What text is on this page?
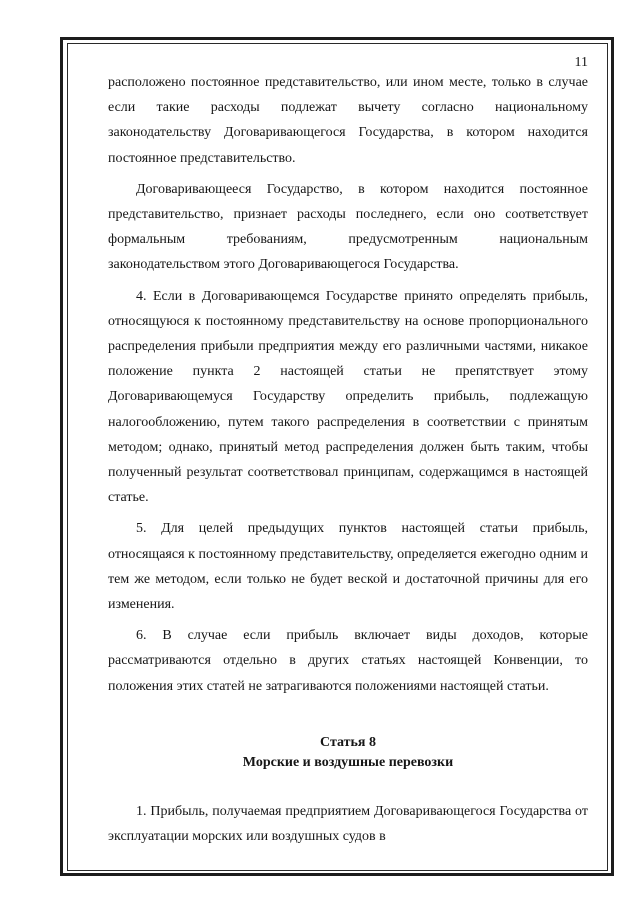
11

расположено постоянное представительство, или ином месте, только в случае если такие расходы подлежат вычету согласно национальному законодательству Договаривающегося Государства, в котором находится постоянное представительство.

Договаривающееся Государство, в котором находится постоянное представительство, признает расходы последнего, если оно соответствует формальным требованиям, предусмотренным национальным законодательством этого Договаривающегося Государства.

4. Если в Договаривающемся Государстве принято определять прибыль, относящуюся к постоянному представительству на основе пропорционального распределения прибыли предприятия между его различными частями, никакое положение пункта 2 настоящей статьи не препятствует этому Договаривающемуся Государству определить прибыль, подлежащую налогообложению, путем такого распределения в соответствии с принятым методом; однако, принятый метод распределения должен быть таким, чтобы полученный результат соответствовал принципам, содержащимся в настоящей статье.

5. Для целей предыдущих пунктов настоящей статьи прибыль, относящаяся к постоянному представительству, определяется ежегодно одним и тем же методом, если только не будет веской и достаточной причины для его изменения.

6. В случае если прибыль включает виды доходов, которые рассматриваются отдельно в других статьях настоящей Конвенции, то положения этих статей не затрагиваются положениями настоящей статьи.

Статья 8
Морские и воздушные перевозки

1. Прибыль, получаемая предприятием Договаривающегося Государства от эксплуатации морских или воздушных судов в
